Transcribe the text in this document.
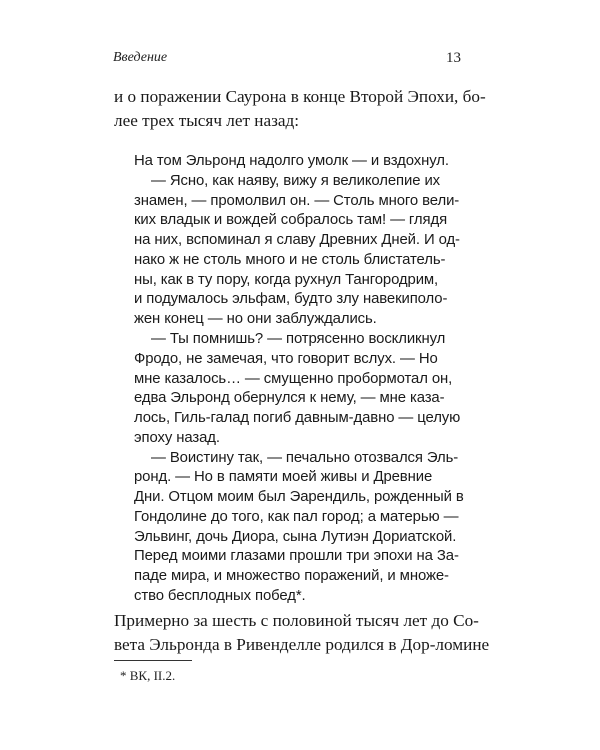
Введение	13
и о поражении Саурона в конце Второй Эпохи, бо-
лее трех тысяч лет назад:
На том Эльронд надолго умолк — и вздохнул.
— Ясно, как наяву, вижу я великолепие их
знамен, — промолвил он. — Столь много вели-
ких владык и вождей собралось там! — глядя
на них, вспоминал я славу Древних Дней. И од-
нако ж не столь много и не столь блистатель-
ны, как в ту пору, когда рухнул Тангородрим,
и подумалось эльфам, будто злу навекиполо-
жен конец — но они заблуждались.
— Ты помнишь? — потрясенно воскликнул
Фродо, не замечая, что говорит вслух. — Но
мне казалось… — смущенно пробормотал он,
едва Эльронд обернулся к нему, — мне каза-
лось, Гиль-галад погиб давным-давно — целую
эпоху назад.
— Воистину так, — печально отозвался Эль-
ронд. — Но в памяти моей живы и Древние
Дни. Отцом моим был Эарендиль, рожденный в
Гондолине до того, как пал город; а матерью —
Эльвинг, дочь Диора, сына Лутиэн Дориатской.
Перед моими глазами прошли три эпохи на За-
паде мира, и множество поражений, и множе-
ство бесплодных побед*.
Примерно за шесть с половиной тысяч лет до Со-
вета Эльронда в Ривенделле родился в Дор-ломине
* ВК, II.2.
